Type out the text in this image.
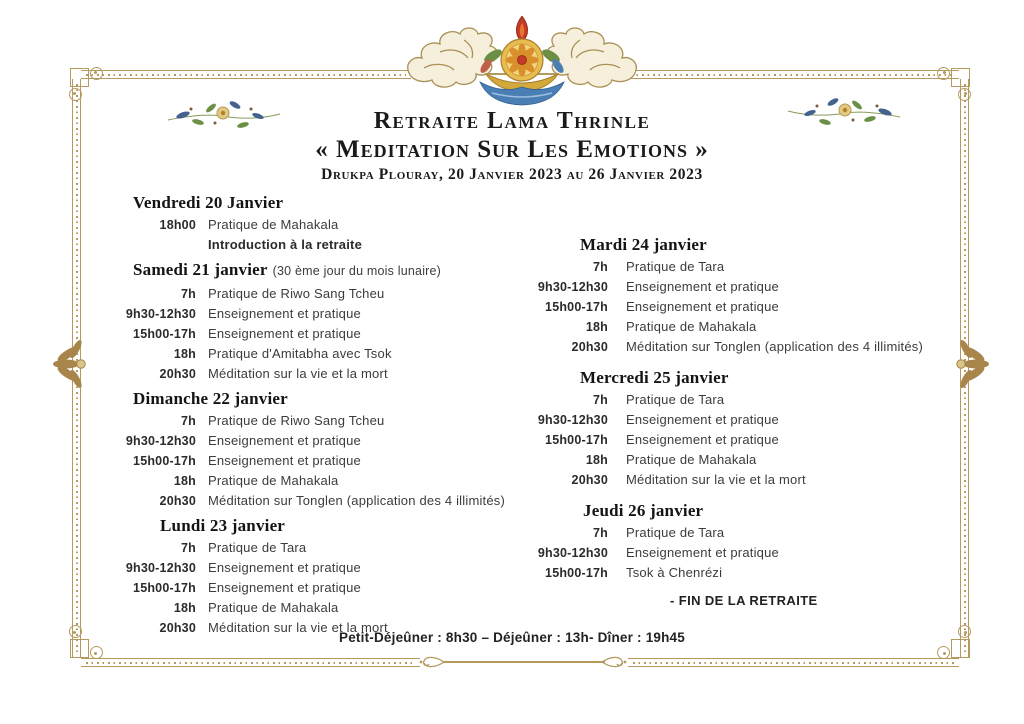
Retraite Lama Thrinle
« Meditation Sur Les Emotions »
Drukpa Plouray, 20 Janvier 2023 au 26 Janvier 2023
Vendredi 20 Janvier
18h00 Pratique de Mahakala
Introduction à la retraite
Samedi 21 janvier (30 ème jour du mois lunaire)
7h Pratique de Riwo Sang Tcheu
9h30-12h30 Enseignement et pratique
15h00-17h Enseignement et pratique
18h Pratique d'Amitabha avec Tsok
20h30 Méditation sur la vie et la mort
Dimanche 22 janvier
7h Pratique de Riwo Sang Tcheu
9h30-12h30 Enseignement et pratique
15h00-17h Enseignement et pratique
18h Pratique de Mahakala
20h30 Méditation sur Tonglen (application des 4 illimités)
Lundi 23 janvier
7h Pratique de Tara
9h30-12h30 Enseignement et pratique
15h00-17h Enseignement et pratique
18h Pratique de Mahakala
20h30 Méditation sur la vie et la mort
Mardi 24 janvier
7h	Pratique de Tara
9h30-12h30	Enseignement et pratique
15h00-17h	Enseignement et pratique
18h	Pratique de Mahakala
20h30	Méditation sur Tonglen (application des 4 illimités)
Mercredi 25 janvier
7h	Pratique de Tara
9h30-12h30	Enseignement et pratique
15h00-17h	Enseignement et pratique
18h	Pratique de Mahakala
20h30	Méditation sur la vie et la mort
Jeudi 26 janvier
7h	Pratique de Tara
9h30-12h30	Enseignement et pratique
15h00-17h	Tsok à Chenrézi
- FIN DE LA RETRAITE
Petit-Déjeûner : 8h30 – Déjeûner : 13h- Dîner : 19h45
